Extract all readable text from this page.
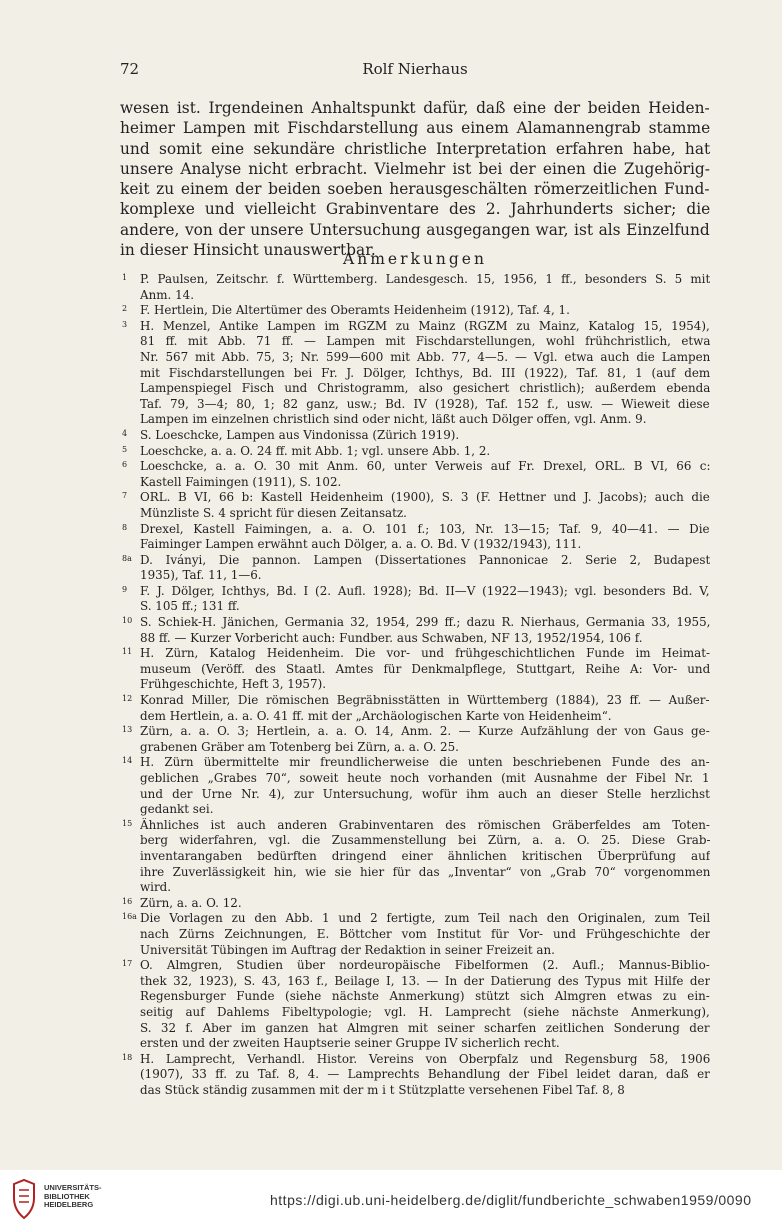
72	Rolf Nierhaus
wesen ist. Irgendeinen Anhaltspunkt dafür, daß eine der beiden Heiden-
heimer Lampen mit Fischdarstellung aus einem Alamannengrab stamme
und somit eine sekundäre christliche Interpretation erfahren habe, hat
unsere Analyse nicht erbracht. Vielmehr ist bei der einen die Zugehörig-
keit zu einem der beiden soeben herausgeschälten römerzeitlichen Fund-
komplexe und vielleicht Grabinventare des 2. Jahrhunderts sicher; die
andere, von der unsere Untersuchung ausgegangen war, ist als Einzelfund
in dieser Hinsicht unauswertbar.
Anmerkungen
1	P. Paulsen, Zeitschr. f. Württemberg. Landesgesch. 15, 1956, 1 ff., besonders S. 5 mit
Anm. 14.
2	F. Hertlein, Die Altertümer des Oberamts Heidenheim (1912), Taf. 4, 1.
3	H. Menzel, Antike Lampen im RGZM zu Mainz (RGZM zu Mainz, Katalog 15, 1954),
81 ff. mit Abb. 71 ff. — Lampen mit Fischdarstellungen, wohl frühchristlich, etwa
Nr. 567 mit Abb. 75, 3; Nr. 599—600 mit Abb. 77, 4—5. — Vgl. etwa auch die Lampen
mit Fischdarstellungen bei Fr. J. Dölger, Ichthys, Bd. III (1922), Taf. 81, 1 (auf dem
Lampenspiegel Fisch und Christogramm, also gesichert christlich); außerdem ebenda
Taf. 79, 3—4; 80, 1; 82 ganz, usw.; Bd. IV (1928), Taf. 152 f., usw. — Wieweit diese
Lampen im einzelnen christlich sind oder nicht, läßt auch Dölger offen, vgl. Anm. 9.
4	S. Loeschcke, Lampen aus Vindonissa (Zürich 1919).
5	Loeschcke, a. a. O. 24 ff. mit Abb. 1; vgl. unsere Abb. 1, 2.
6	Loeschcke, a. a. O. 30 mit Anm. 60, unter Verweis auf Fr. Drexel, ORL. B VI, 66 c:
Kastell Faimingen (1911), S. 102.
7	ORL. B VI, 66 b: Kastell Heidenheim (1900), S. 3 (F. Hettner und J. Jacobs); auch die
Münzliste S. 4 spricht für diesen Zeitansatz.
8	Drexel, Kastell Faimingen, a. a. O. 101 f.; 103, Nr. 13—15; Taf. 9, 40—41. — Die
Faiminger Lampen erwähnt auch Dölger, a. a. O. Bd. V (1932/1943), 111.
8a D. Iványi, Die pannon. Lampen (Dissertationes Pannonicae 2. Serie 2, Budapest
1935), Taf. 11, 1—6.
9	F. J. Dölger, Ichthys, Bd. I (2. Aufl. 1928); Bd. II—V (1922—1943); vgl. besonders Bd. V,
S. 105 ff.; 131 ff.
10 S. Schiek-H. Jänichen, Germania 32, 1954, 299 ff.; dazu R. Nierhaus, Germania 33, 1955,
88 ff. — Kurzer Vorbericht auch: Fundber. aus Schwaben, NF 13, 1952/1954, 106 f.
11 H. Zürn, Katalog Heidenheim. Die vor- und frühgeschichtlichen Funde im Heimat-
museum (Veröff. des Staatl. Amtes für Denkmalpflege, Stuttgart, Reihe A: Vor- und
Frühgeschichte, Heft 3, 1957).
12 Konrad Miller, Die römischen Begräbnisstätten in Württemberg (1884), 23 ff. — Außer-
dem Hertlein, a. a. O. 41 ff. mit der „Archäologischen Karte von Heidenheim“.
13 Zürn, a. a. O. 3; Hertlein, a. a. O. 14, Anm. 2. — Kurze Aufzählung der von Gaus ge-
grabenen Gräber am Totenberg bei Zürn, a. a. O. 25.
14 H. Zürn übermittelte mir freundlicherweise die unten beschriebenen Funde des an-
geblichen „Grabes 70“, soweit heute noch vorhanden (mit Ausnahme der Fibel Nr. 1
und der Urne Nr. 4), zur Untersuchung, wofür ihm auch an dieser Stelle herzlichst
gedankt sei.
15 Ähnliches ist auch anderen Grabinventaren des römischen Gräberfeldes am Toten-
berg widerfahren, vgl. die Zusammenstellung bei Zürn, a. a. O. 25. Diese Grab-
inventarangaben bedürften dringend einer ähnlichen kritischen Überprüfung auf
ihre Zuverlässigkeit hin, wie sie hier für das „Inventar“ von „Grab 70“ vorgenommen
wird.
16 Zürn, a. a. O. 12.
16a Die Vorlagen zu den Abb. 1 und 2 fertigte, zum Teil nach den Originalen, zum Teil
nach Zürns Zeichnungen, E. Böttcher vom Institut für Vor- und Frühgeschichte der
Universität Tübingen im Auftrag der Redaktion in seiner Freizeit an.
17 O. Almgren, Studien über nordeuropäische Fibelformen (2. Aufl.; Mannus-Biblio-
thek 32, 1923), S. 43, 163 f., Beilage I, 13. — In der Datierung des Typus mit Hilfe der
Regensburger Funde (siehe nächste Anmerkung) stützt sich Almgren etwas zu ein-
seitig auf Dahlems Fibeltypologie; vgl. H. Lamprecht (siehe nächste Anmerkung),
S. 32 f. Aber im ganzen hat Almgren mit seiner scharfen zeitlichen Sonderung der
ersten und der zweiten Hauptserie seiner Gruppe IV sicherlich recht.
18 H. Lamprecht, Verhandl. Histor. Vereins von Oberpfalz und Regensburg 58, 1906
(1907), 33 ff. zu Taf. 8, 4. — Lamprechts Behandlung der Fibel leidet daran, daß er
das Stück ständig zusammen mit der m i t Stützplatte versehenen Fibel Taf. 8, 8
UNIVERSITÄTS-
BIBLIOTHEK
HEIDELBERG	https://digi.ub.uni-heidelberg.de/diglit/fundberichte_schwaben1959/0090
